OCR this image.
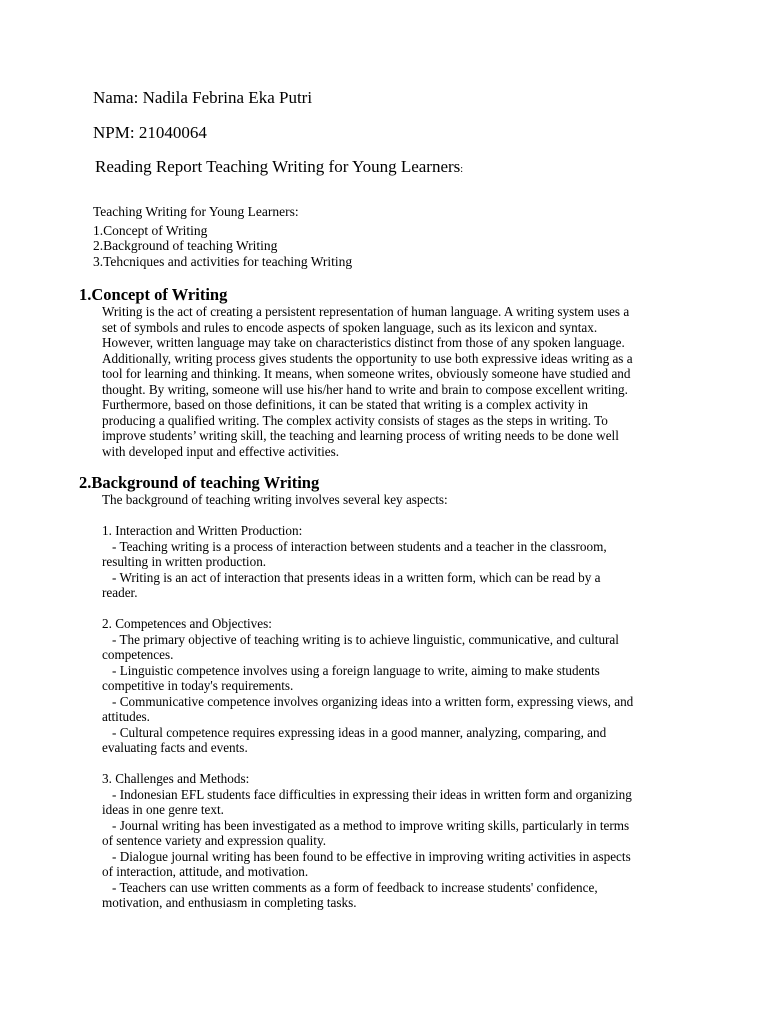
Nama: Nadila Febrina Eka Putri
NPM: 21040064
Reading Report Teaching Writing for Young Learners:
Teaching Writing for Young Learners:
1.Concept of Writing
2.Background of teaching Writing
3.Tehcniques and activities for teaching Writing
1.Concept of Writing
Writing is the act of creating a persistent representation of human language. A writing system uses a
set of symbols and rules to encode aspects of spoken language, such as its lexicon and syntax.
However, written language may take on characteristics distinct from those of any spoken language.
Additionally, writing process gives students the opportunity to use both expressive ideas writing as a
tool for learning and thinking. It means, when someone writes, obviously someone have studied and
thought. By writing, someone will use his/her hand to write and brain to compose excellent writing.
Furthermore, based on those definitions, it can be stated that writing is a complex activity in
producing a qualified writing. The complex activity consists of stages as the steps in writing. To
improve students’ writing skill, the teaching and learning process of writing needs to be done well
with developed input and effective activities.
2.Background of teaching Writing
The background of teaching writing involves several key aspects:
1. Interaction and Written Production:
- Teaching writing is a process of interaction between students and a teacher in the classroom,
resulting in written production.
- Writing is an act of interaction that presents ideas in a written form, which can be read by a
reader.
2. Competences and Objectives:
- The primary objective of teaching writing is to achieve linguistic, communicative, and cultural
competences.
- Linguistic competence involves using a foreign language to write, aiming to make students
competitive in today's requirements.
- Communicative competence involves organizing ideas into a written form, expressing views, and
attitudes.
- Cultural competence requires expressing ideas in a good manner, analyzing, comparing, and
evaluating facts and events.
3. Challenges and Methods:
- Indonesian EFL students face difficulties in expressing their ideas in written form and organizing
ideas in one genre text.
- Journal writing has been investigated as a method to improve writing skills, particularly in terms
of sentence variety and expression quality.
- Dialogue journal writing has been found to be effective in improving writing activities in aspects
of interaction, attitude, and motivation.
- Teachers can use written comments as a form of feedback to increase students' confidence,
motivation, and enthusiasm in completing tasks.
